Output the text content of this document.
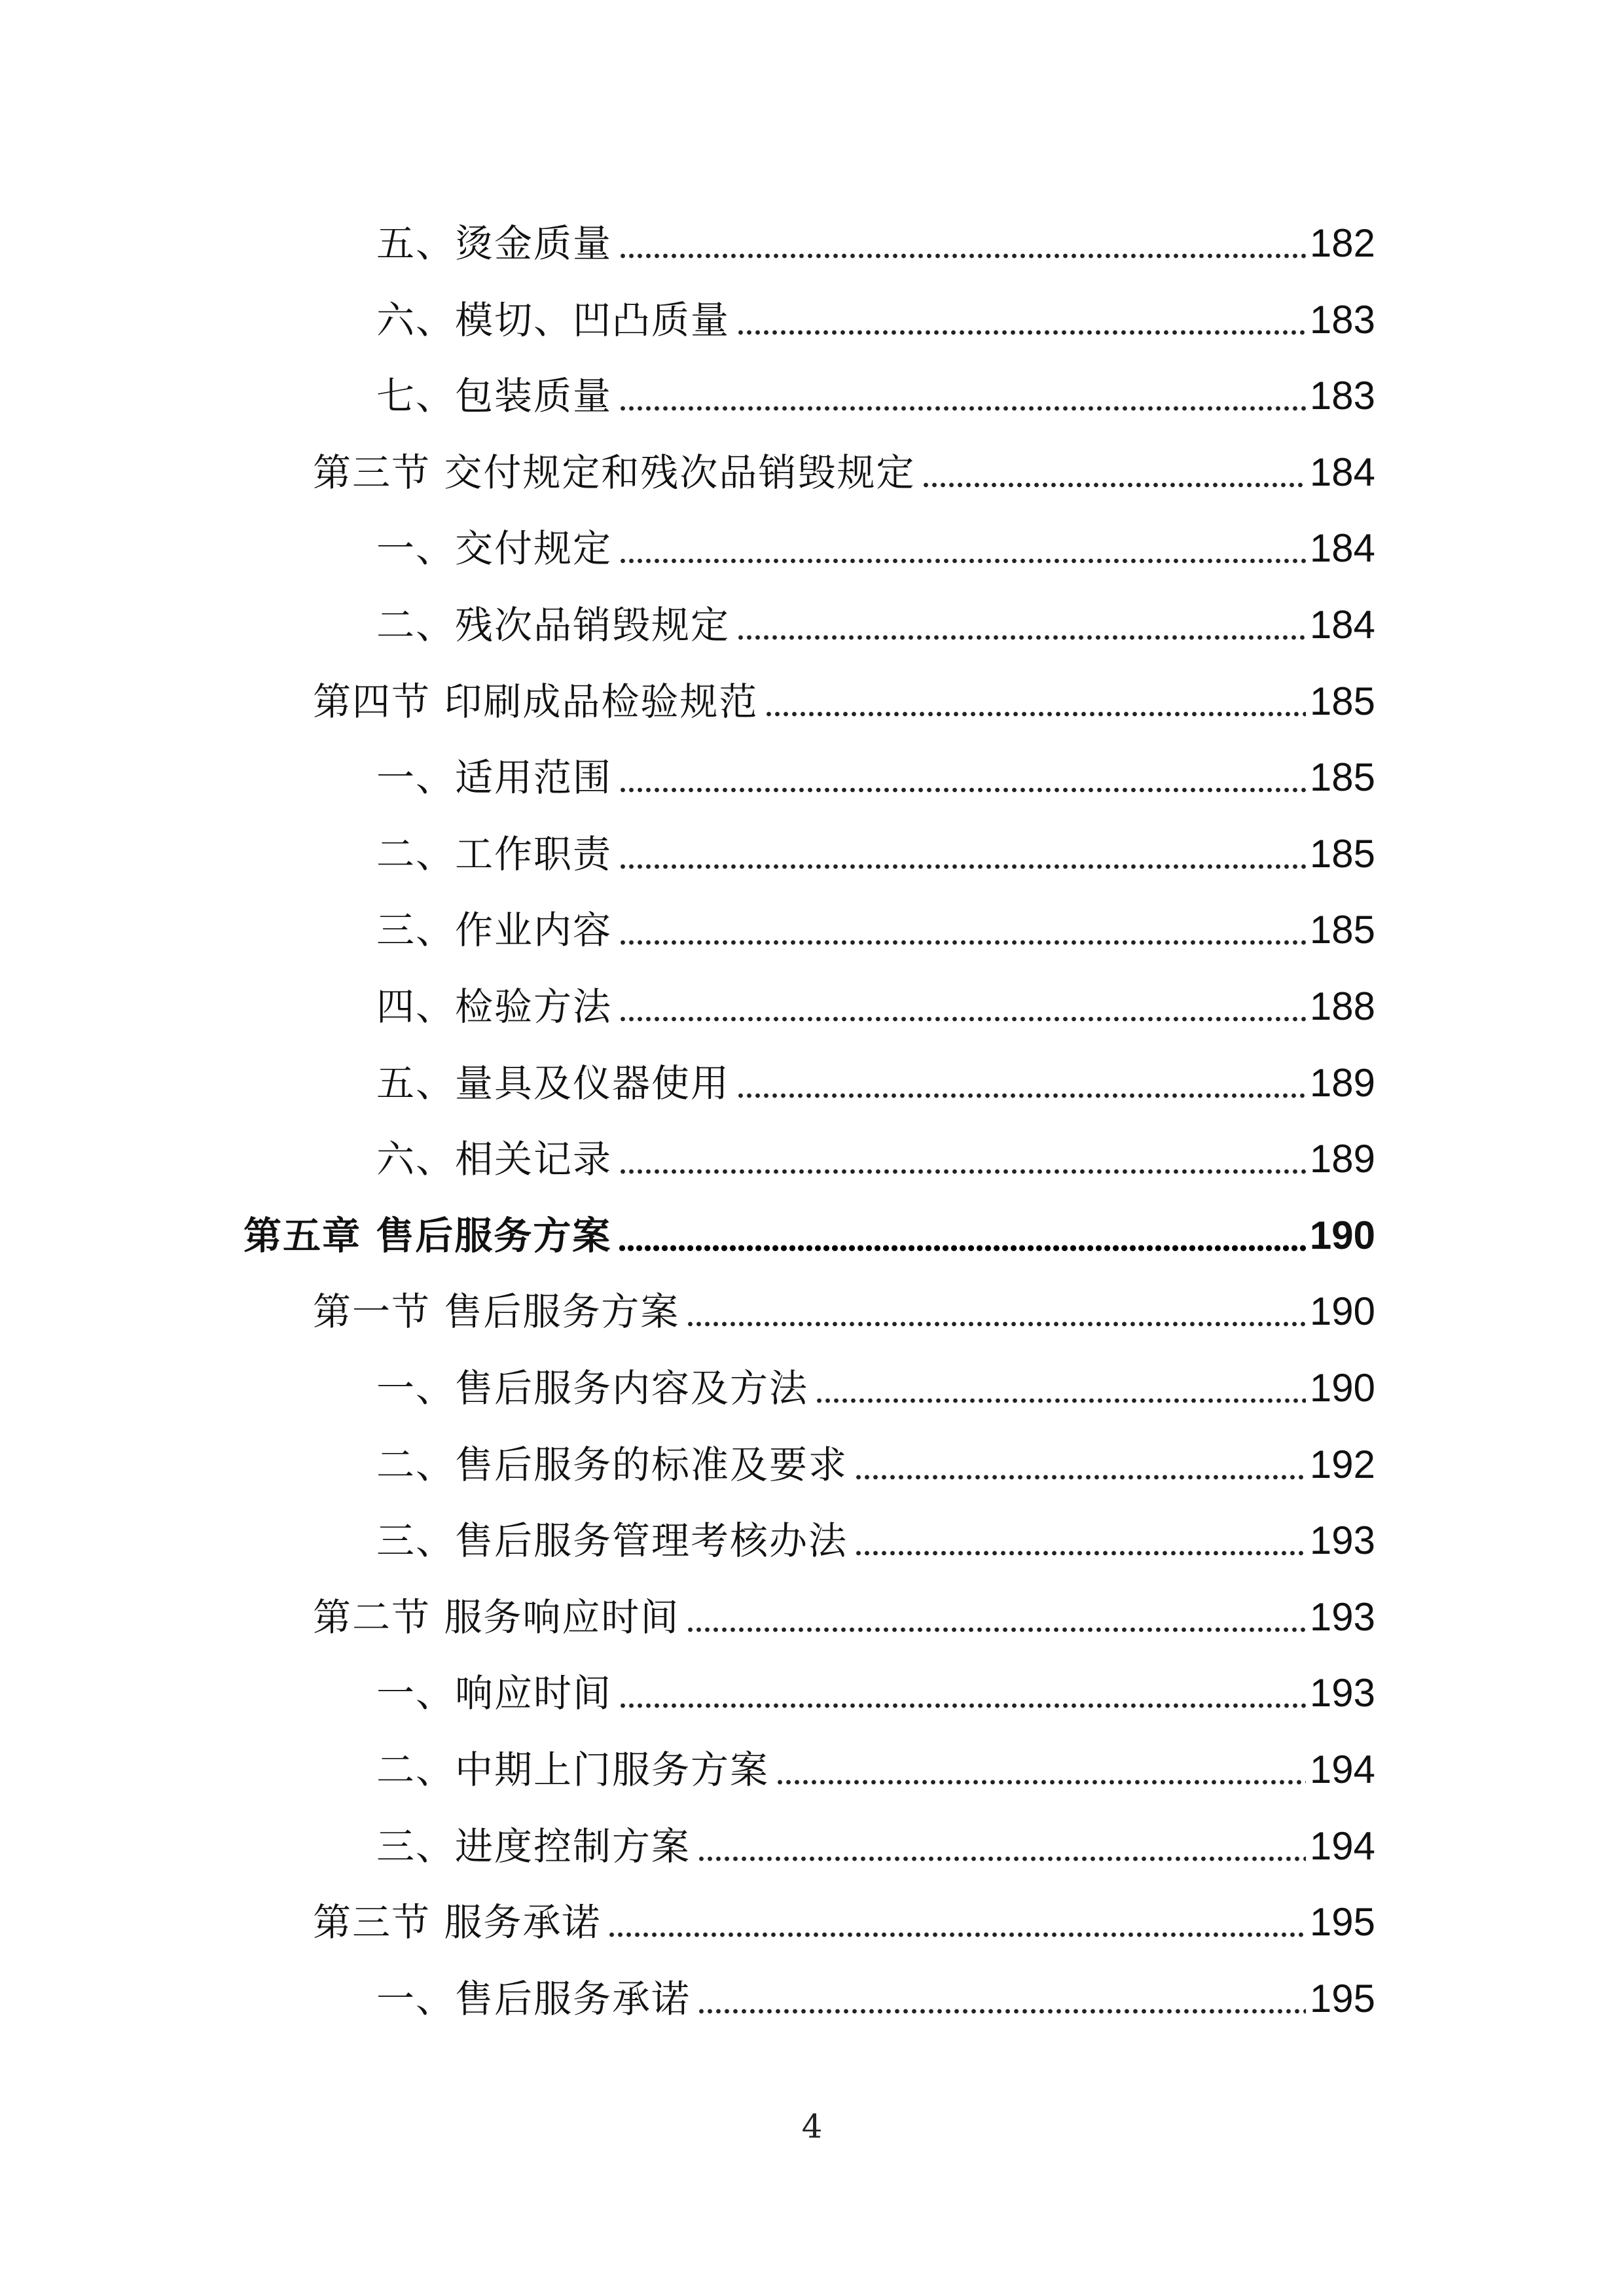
五、烫金质量	182
六、模切、凹凸质量	183
七、包装质量	183
第三节 交付规定和残次品销毁规定	184
一、交付规定	184
二、残次品销毁规定	184
第四节 印刷成品检验规范	185
一、适用范围	185
二、工作职责	185
三、作业内容	185
四、检验方法	188
五、量具及仪器使用	189
六、相关记录	189
第五章 售后服务方案	190
第一节 售后服务方案	190
一、售后服务内容及方法	190
二、售后服务的标准及要求	192
三、售后服务管理考核办法	193
第二节 服务响应时间	193
一、响应时间	193
二、中期上门服务方案	194
三、进度控制方案	194
第三节 服务承诺	195
一、售后服务承诺	195
4
